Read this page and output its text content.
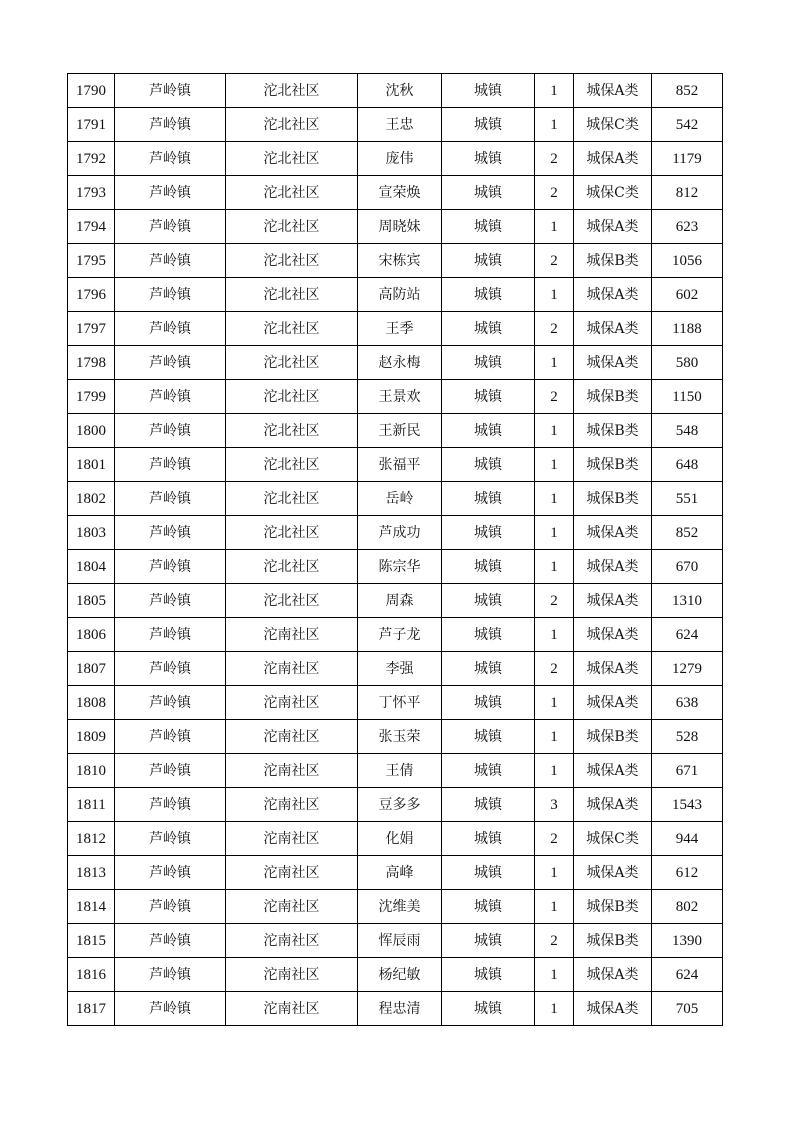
1790	芦岭镇	沱北社区	沈秋	城镇	1	城保A类	852
1791	芦岭镇	沱北社区	王忠	城镇	1	城保C类	542
1792	芦岭镇	沱北社区	庞伟	城镇	2	城保A类	1179
1793	芦岭镇	沱北社区	宣荣焕	城镇	2	城保C类	812
1794	芦岭镇	沱北社区	周晓妹	城镇	1	城保A类	623
1795	芦岭镇	沱北社区	宋栋宾	城镇	2	城保B类	1056
1796	芦岭镇	沱北社区	高防站	城镇	1	城保A类	602
1797	芦岭镇	沱北社区	王季	城镇	2	城保A类	1188
1798	芦岭镇	沱北社区	赵永梅	城镇	1	城保A类	580
1799	芦岭镇	沱北社区	王景欢	城镇	2	城保B类	1150
1800	芦岭镇	沱北社区	王新民	城镇	1	城保B类	548
1801	芦岭镇	沱北社区	张福平	城镇	1	城保B类	648
1802	芦岭镇	沱北社区	岳岭	城镇	1	城保B类	551
1803	芦岭镇	沱北社区	芦成功	城镇	1	城保A类	852
1804	芦岭镇	沱北社区	陈宗华	城镇	1	城保A类	670
1805	芦岭镇	沱北社区	周森	城镇	2	城保A类	1310
1806	芦岭镇	沱南社区	芦子龙	城镇	1	城保A类	624
1807	芦岭镇	沱南社区	李强	城镇	2	城保A类	1279
1808	芦岭镇	沱南社区	丁怀平	城镇	1	城保A类	638
1809	芦岭镇	沱南社区	张玉荣	城镇	1	城保B类	528
1810	芦岭镇	沱南社区	王倩	城镇	1	城保A类	671
1811	芦岭镇	沱南社区	豆多多	城镇	3	城保A类	1543
1812	芦岭镇	沱南社区	化娟	城镇	2	城保C类	944
1813	芦岭镇	沱南社区	高峰	城镇	1	城保A类	612
1814	芦岭镇	沱南社区	沈维美	城镇	1	城保B类	802
1815	芦岭镇	沱南社区	恽辰雨	城镇	2	城保B类	1390
1816	芦岭镇	沱南社区	杨纪敏	城镇	1	城保A类	624
1817	芦岭镇	沱南社区	程忠清	城镇	1	城保A类	705
